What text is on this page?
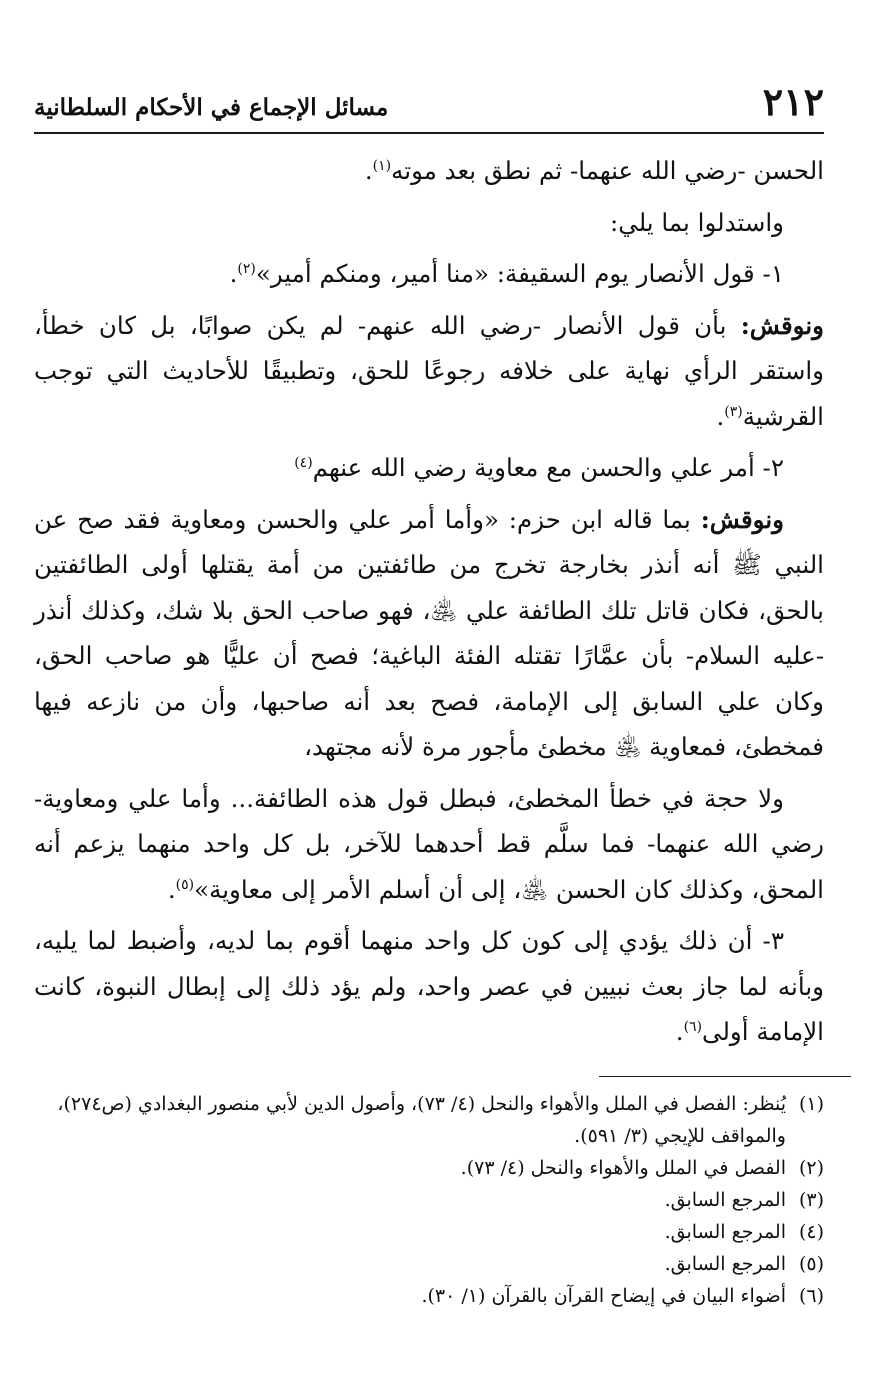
٢١٢
مسائل الإجماع في الأحكام السلطانية

الحسن -رضي الله عنهما- ثم نطق بعد موته$^{(١)}$.

واستدلوا بما يلي:

١- قول الأنصار يوم السقيفة: «منا أمير، ومنكم أمير»$^{(٢)}$.

ونوقش: بأن قول الأنصار -رضي الله عنهم- لم يكن صوابًا، بل كان خطأ، واستقر الرأي نهاية على خلافه رجوعًا للحق، وتطبيقًا للأحاديث التي توجب القرشية$^{(٣)}$.

٢- أمر علي والحسن مع معاوية رضي الله عنهم$^{(٤)}$

ونوقش: بما قاله ابن حزم: «وأما أمر علي والحسن ومعاوية فقد صح عن النبي ﷺ أنه أنذر بخارجة تخرج من طائفتين من أمة يقتلها أولى الطائفتين بالحق، فكان قاتل تلك الطائفة علي ﵁، فهو صاحب الحق بلا شك، وكذلك أنذر -عليه السلام- بأن عمَّارًا تقتله الفئة الباغية؛ فصح أن عليًّا هو صاحب الحق، وكان علي السابق إلى الإمامة، فصح بعد أنه صاحبها، وأن من نازعه فيها فمخطئ، فمعاوية ﵁ مخطئ مأجور مرة لأنه مجتهد،

ولا حجة في خطأ المخطئ، فبطل قول هذه الطائفة... وأما علي ومعاوية- رضي الله عنهما- فما سلَّم قط أحدهما للآخر، بل كل واحد منهما يزعم أنه المحق، وكذلك كان الحسن ﵁، إلى أن أسلم الأمر إلى معاوية»$^{(٥)}$.

٣- أن ذلك يؤدي إلى كون كل واحد منهما أقوم بما لديه، وأضبط لما يليه، وبأنه لما جاز بعث نبيين في عصر واحد، ولم يؤد ذلك إلى إبطال النبوة، كانت الإمامة أولى$^{(٦)}$.

(١)
يُنظر: الفصل في الملل والأهواء والنحل (٤/ ٧٣)، وأصول الدين لأبي منصور البغدادي (ص٢٧٤)، والمواقف للإيجي (٣/ ٥٩١).

(٢)
الفصل في الملل والأهواء والنحل (٤/ ٧٣).

(٣)
المرجع السابق.

(٤)
المرجع السابق.

(٥)
المرجع السابق.

(٦)
أضواء البيان في إيضاح القرآن بالقرآن (١/ ٣٠).
